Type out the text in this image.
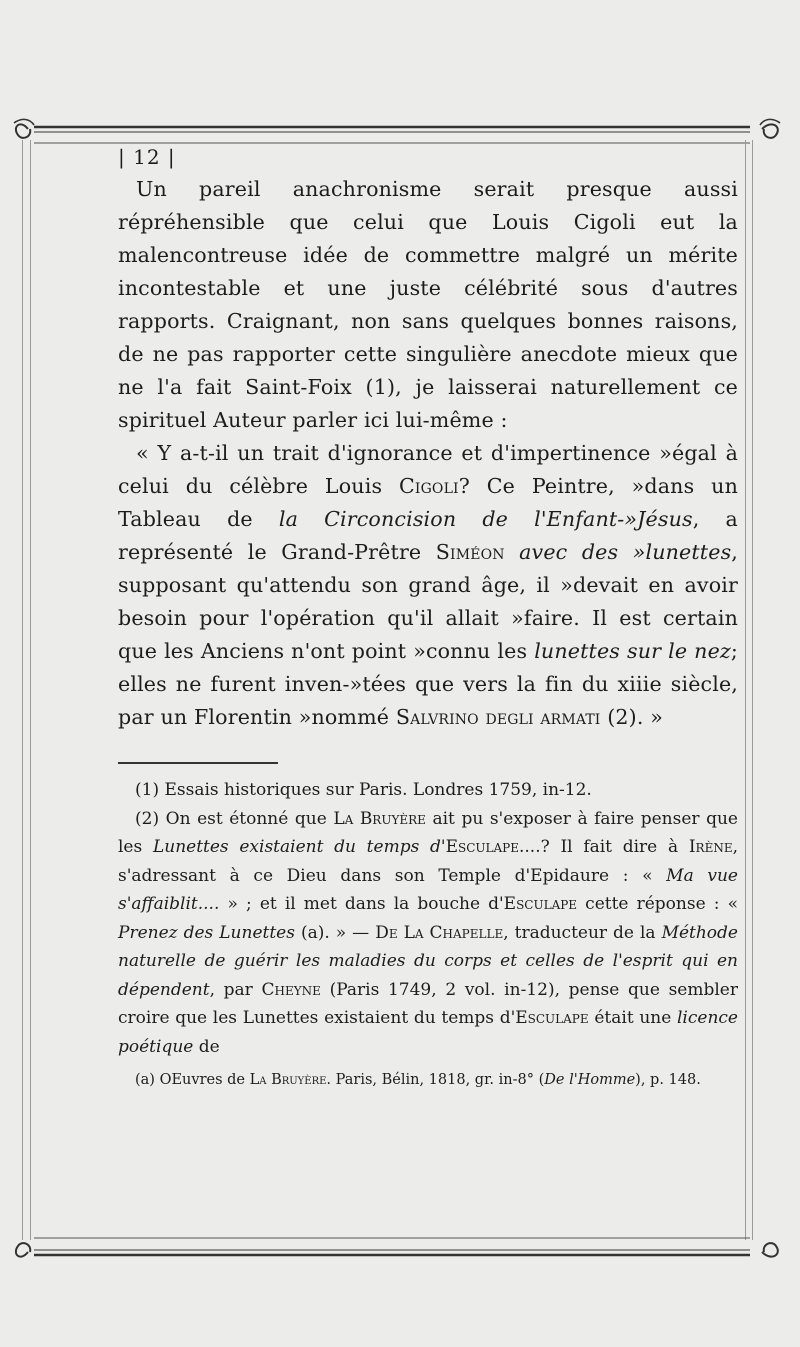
| 12 |

Un pareil anachronisme serait presque aussi répréhensible que celui que Louis Cigoli eut la malencontreuse idée de commettre malgré un mérite incontestable et une juste célébrité sous d'autres rapports. Craignant, non sans quelques bonnes raisons, de ne pas rapporter cette singulière anecdote mieux que ne l'a fait Saint-Foix (1), je laisserai naturellement ce spirituel Auteur parler ici lui-même :

« Y a-t-il un trait d'ignorance et d'impertinence »égal à celui du célèbre Louis Cigoli? Ce Peintre, »dans un Tableau de la Circoncision de l'Enfant-»Jésus, a représenté le Grand-Prêtre Siméon avec des »lunettes, supposant qu'attendu son grand âge, il »devait en avoir besoin pour l'opération qu'il allait »faire. Il est certain que les Anciens n'ont point »connu les lunettes sur le nez; elles ne furent inven-»tées que vers la fin du xiiie siècle, par un Florentin »nommé Salvrino degli armati (2). »

(1) Essais historiques sur Paris. Londres 1759, in-12.

(2) On est étonné que La Bruyère ait pu s'exposer à faire penser que les Lunettes existaient du temps d'Esculape....? Il fait dire à Irène, s'adressant à ce Dieu dans son Temple d'Epidaure : « Ma vue s'affaiblit.... » ; et il met dans la bouche d'Esculape cette réponse : « Prenez des Lunettes (a). » — De La Chapelle, traducteur de la Méthode naturelle de guérir les maladies du corps et celles de l'esprit qui en dépendent, par Cheyne (Paris 1749, 2 vol. in-12), pense que sembler croire que les Lunettes existaient du temps d'Esculape était une licence poétique de

(a) OEuvres de La Bruyère. Paris, Bélin, 1818, gr. in-8° (De l'Homme), p. 148.
